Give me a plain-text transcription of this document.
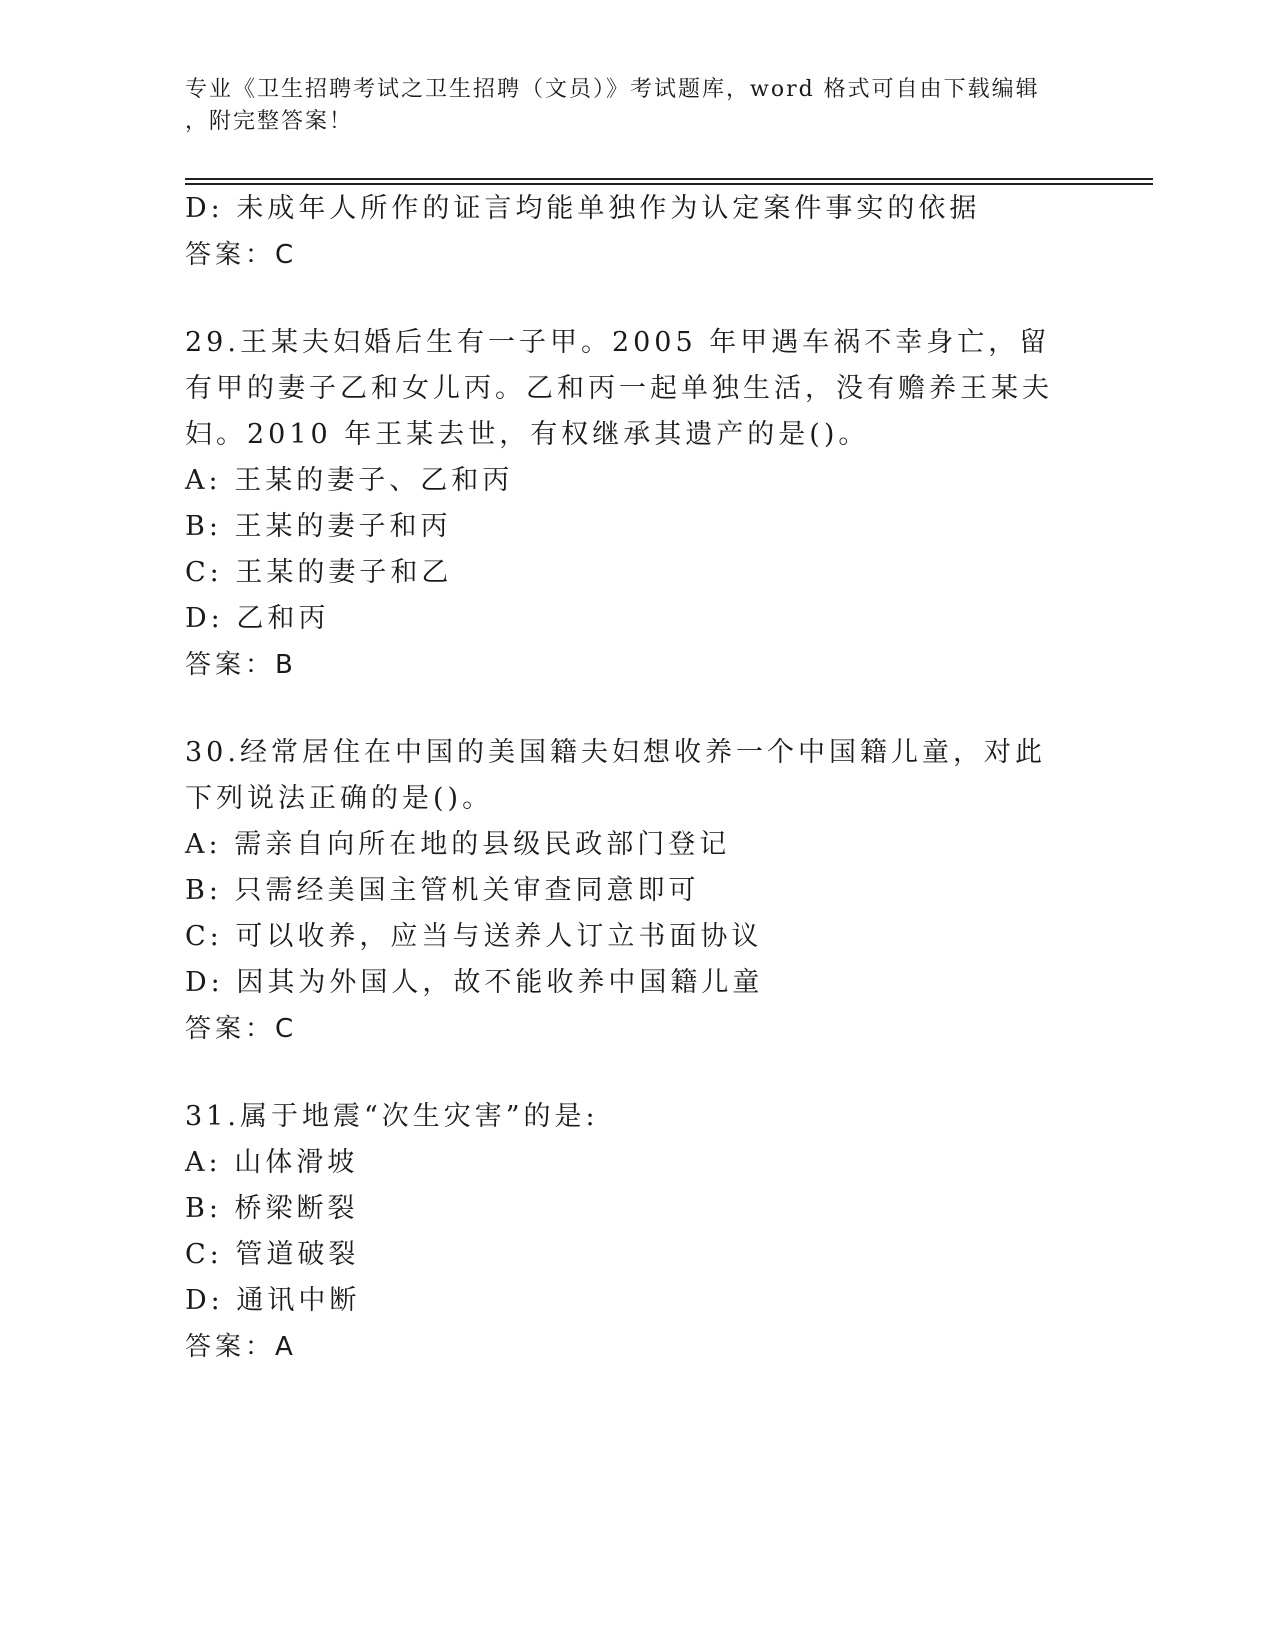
专业《卫生招聘考试之卫生招聘（文员）》考试题库，word 格式可自由下载编辑
，附完整答案！
D: 未成年人所作的证言均能单独作为认定案件事实的依据
答案：C
29.王某夫妇婚后生有一子甲。2005 年甲遇车祸不幸身亡，留有甲的妻子乙和女儿丙。乙和丙一起单独生活，没有赡养王某夫妇。2010 年王某去世，有权继承其遗产的是()。
A: 王某的妻子、乙和丙
B: 王某的妻子和丙
C: 王某的妻子和乙
D: 乙和丙
答案：B
30.经常居住在中国的美国籍夫妇想收养一个中国籍儿童，对此下列说法正确的是()。
A: 需亲自向所在地的县级民政部门登记
B: 只需经美国主管机关审查同意即可
C: 可以收养，应当与送养人订立书面协议
D: 因其为外国人，故不能收养中国籍儿童
答案：C
31.属于地震“次生灾害”的是:
A: 山体滑坡
B: 桥梁断裂
C: 管道破裂
D: 通讯中断
答案：A
